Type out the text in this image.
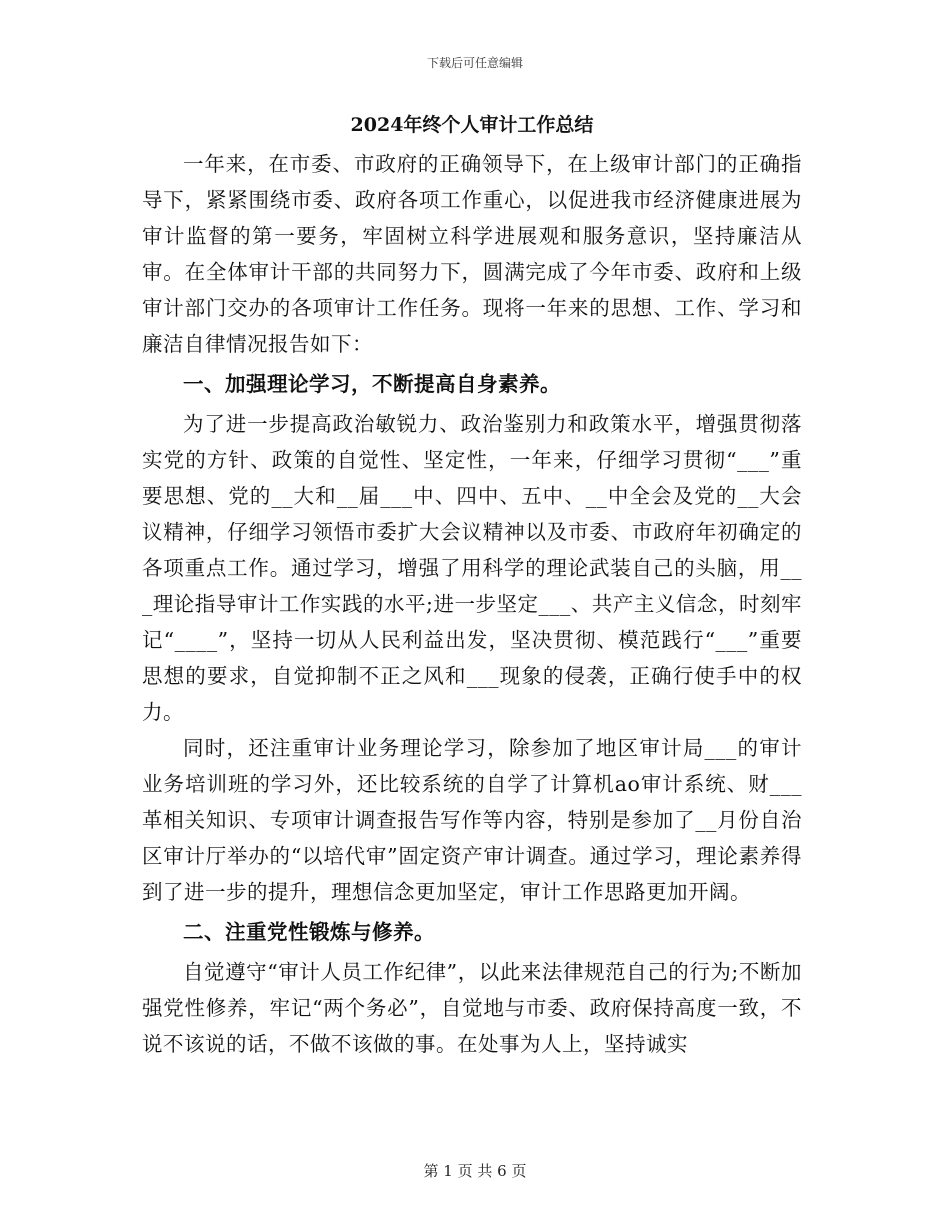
下载后可任意编辑
2024年终个人审计工作总结

一年来，在市委、市政府的正确领导下，在上级审计部门的正确指导下，紧紧围绕市委、政府各项工作重心，以促进我市经济健康进展为审计监督的第一要务，牢固树立科学进展观和服务意识，坚持廉洁从审。在全体审计干部的共同努力下，圆满完成了今年市委、政府和上级审计部门交办的各项审计工作任务。现将一年来的思想、工作、学习和廉洁自律情况报告如下：

一、加强理论学习，不断提高自身素养。

为了进一步提高政治敏锐力、政治鉴别力和政策水平，增强贯彻落实党的方针、政策的自觉性、坚定性，一年来，仔细学习贯彻“___”重要思想、党的__大和__届___中、四中、五中、__中全会及党的__大会议精神，仔细学习领悟市委扩大会议精神以及市委、市政府年初确定的各项重点工作。通过学习，增强了用科学的理论武装自己的头脑，用___理论指导审计工作实践的水平;进一步坚定___、共产主义信念，时刻牢记“____”，坚持一切从人民利益出发，坚决贯彻、模范践行“___”重要思想的要求，自觉抑制不正之风和___现象的侵袭，正确行使手中的权力。

同时，还注重审计业务理论学习，除参加了地区审计局___的审计业务培训班的学习外，还比较系统的自学了计算机ao审计系统、财___革相关知识、专项审计调查报告写作等内容，特别是参加了__月份自治区审计厅举办的“以培代审”固定资产审计调查。通过学习，理论素养得到了进一步的提升，理想信念更加坚定，审计工作思路更加开阔。

二、注重党性锻炼与修养。

自觉遵守“审计人员工作纪律”，以此来法律规范自己的行为;不断加强党性修养，牢记“两个务必”，自觉地与市委、政府保持高度一致，不说不该说的话，不做不该做的事。在处事为人上，坚持诚实

第 1 页 共 6 页
